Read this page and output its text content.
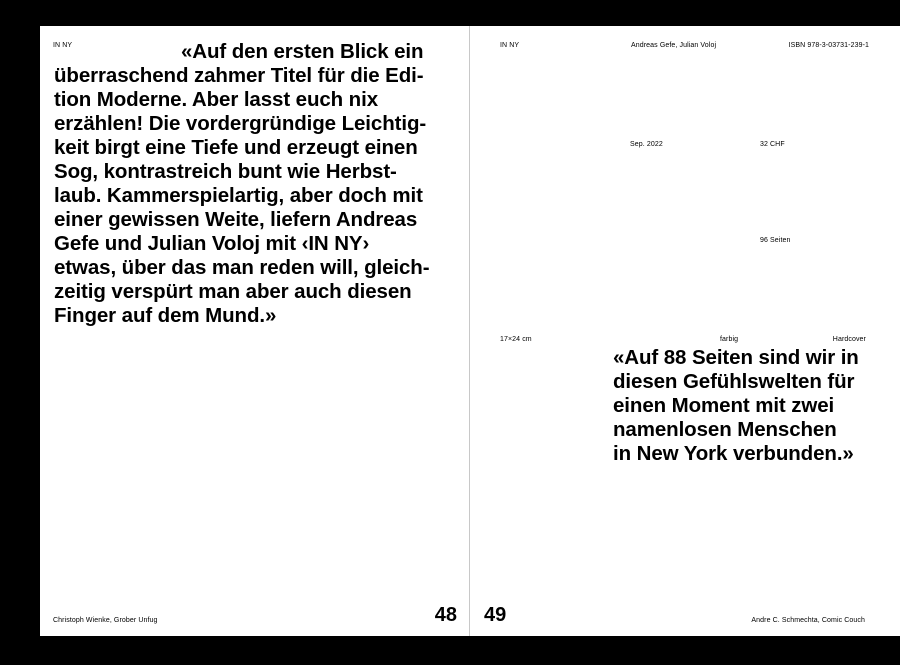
IN NY	«Auf den ersten Blick ein
überraschend zahmer Titel für die Edi-
tion Moderne. Aber lasst euch nix
erzählen! Die vordergründige Leichtig-
keit birgt eine Tiefe und erzeugt einen
Sog, kontrastreich bunt wie Herbst-
laub. Kammerspielartig, aber doch mit
einer gewissen Weite, liefern Andreas
Gefe und Julian Voloj mit ‹IN NY›
etwas, über das man reden will, gleich-
zeitig verspürt man aber auch diesen
Finger auf dem Mund.»
Christoph Wienke, Grober Unfug	48
IN NY	Andreas Gefe, Julian Voloj	ISBN 978-3-03731-239-1
Sep. 2022	32 CHF
96 Seiten
17×24 cm	farbig	Hardcover
«Auf 88 Seiten sind wir in
diesen Gefühlswelten für
einen Moment mit zwei
namenlosen Menschen
in New York verbunden.»
49	Andre C. Schmechta, Comic Couch
